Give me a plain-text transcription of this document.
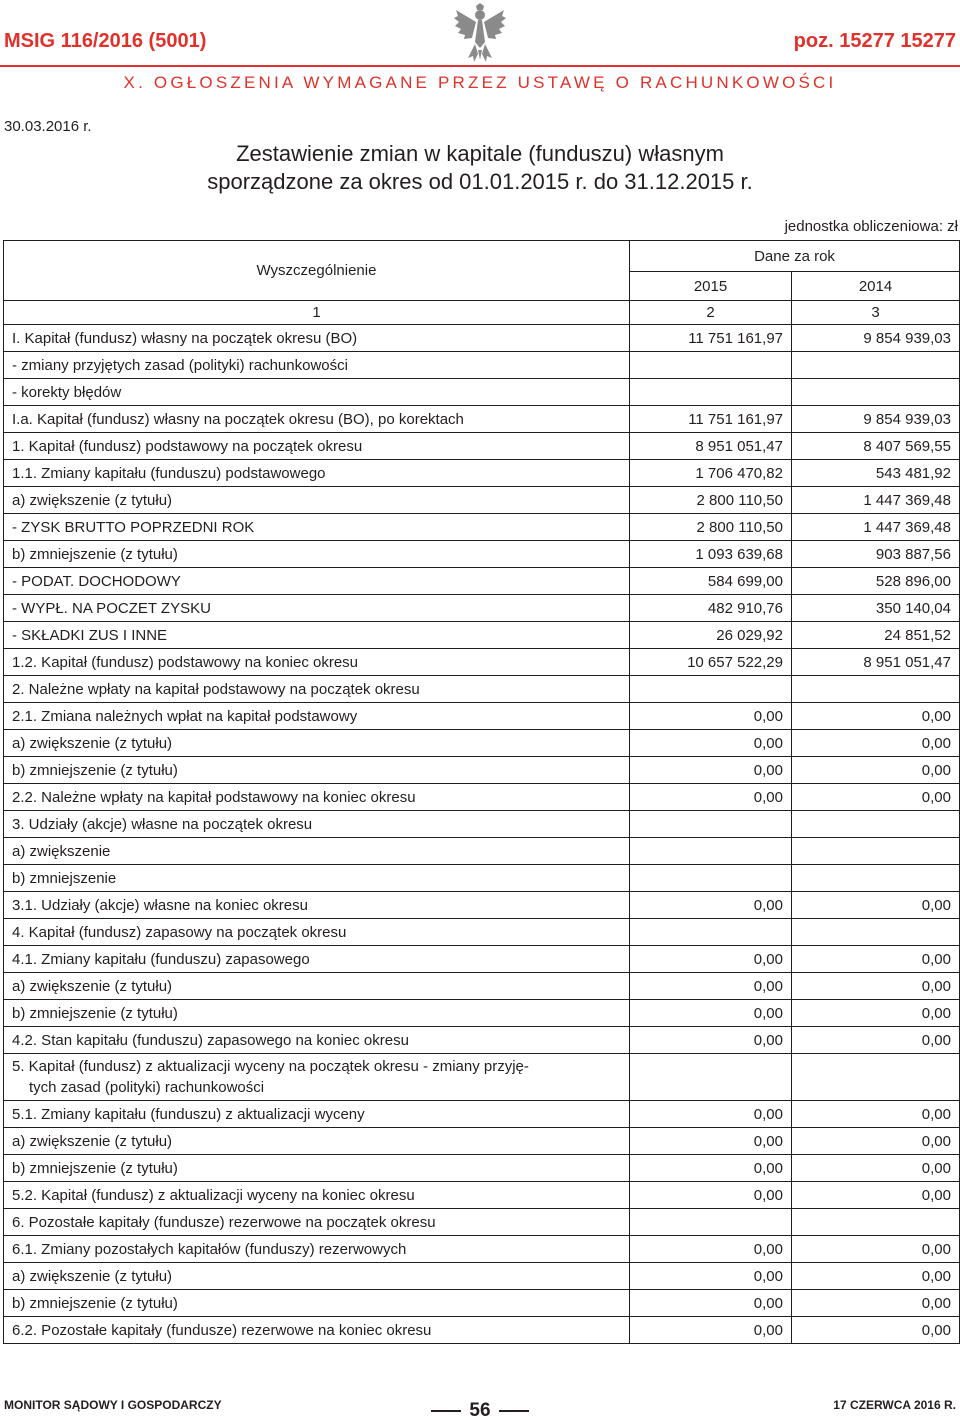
MSIG 116/2016 (5001)	poz. 15277 15277
X. OGŁOSZENIA WYMAGANE PRZEZ USTAWĘ O RACHUNKOWOŚCI
30.03.2016 r.
Zestawienie zmian w kapitale (funduszu) własnym
sporządzone za okres od 01.01.2015 r. do 31.12.2015 r.
jednostka obliczeniowa: zł
Wyszczególnienie	Dane za rok	
	2015	2014
1	2	3
I. Kapitał (fundusz) własny na początek okresu (BO)	11 751 161,97	9 854 939,03
- zmiany przyjętych zasad (polityki) rachunkowości		
- korekty błędów		
I.a. Kapitał (fundusz) własny na początek okresu (BO), po korektach	11 751 161,97	9 854 939,03
1. Kapitał (fundusz) podstawowy na początek okresu	8 951 051,47	8 407 569,55
1.1. Zmiany kapitału (funduszu) podstawowego	1 706 470,82	543 481,92
a) zwiększenie (z tytułu)	2 800 110,50	1 447 369,48
- ZYSK BRUTTO POPRZEDNI ROK	2 800 110,50	1 447 369,48
b) zmniejszenie (z tytułu)	1 093 639,68	903 887,56
- PODAT. DOCHODOWY	584 699,00	528 896,00
- WYPŁ. NA POCZET ZYSKU	482 910,76	350 140,04
- SKŁADKI ZUS I INNE	26 029,92	24 851,52
1.2. Kapitał (fundusz) podstawowy na koniec okresu	10 657 522,29	8 951 051,47
2. Należne wpłaty na kapitał podstawowy na początek okresu		
2.1. Zmiana należnych wpłat na kapitał podstawowy	0,00	0,00
a) zwiększenie (z tytułu)	0,00	0,00
b) zmniejszenie (z tytułu)	0,00	0,00
2.2. Należne wpłaty na kapitał podstawowy na koniec okresu	0,00	0,00
3. Udziały (akcje) własne na początek okresu		
a) zwiększenie		
b) zmniejszenie		
3.1. Udziały (akcje) własne na koniec okresu	0,00	0,00
4. Kapitał (fundusz) zapasowy na początek okresu		
4.1. Zmiany kapitału (funduszu) zapasowego	0,00	0,00
a) zwiększenie (z tytułu)	0,00	0,00
b) zmniejszenie (z tytułu)	0,00	0,00
4.2. Stan kapitału (funduszu) zapasowego na koniec okresu	0,00	0,00

5. Kapitał (fundusz) z aktualizacji wyceny na początek okresu - zmiany przyję-
tych zasad (polityki) rachunkowości		

5.1. Zmiany kapitału (funduszu) z aktualizacji wyceny	0,00	0,00
a) zwiększenie (z tytułu)	0,00	0,00
b) zmniejszenie (z tytułu)	0,00	0,00
5.2. Kapitał (fundusz) z aktualizacji wyceny na koniec okresu	0,00	0,00
6. Pozostałe kapitały (fundusze) rezerwowe na początek okresu		
6.1. Zmiany pozostałych kapitałów (funduszy) rezerwowych	0,00	0,00
a) zwiększenie (z tytułu)	0,00	0,00
b) zmniejszenie (z tytułu)	0,00	0,00
6.2. Pozostałe kapitały (fundusze) rezerwowe na koniec okresu	0,00	0,00
MONITOR SĄDOWY I GOSPODARCZY	56	17 CZERWCA 2016 R.
